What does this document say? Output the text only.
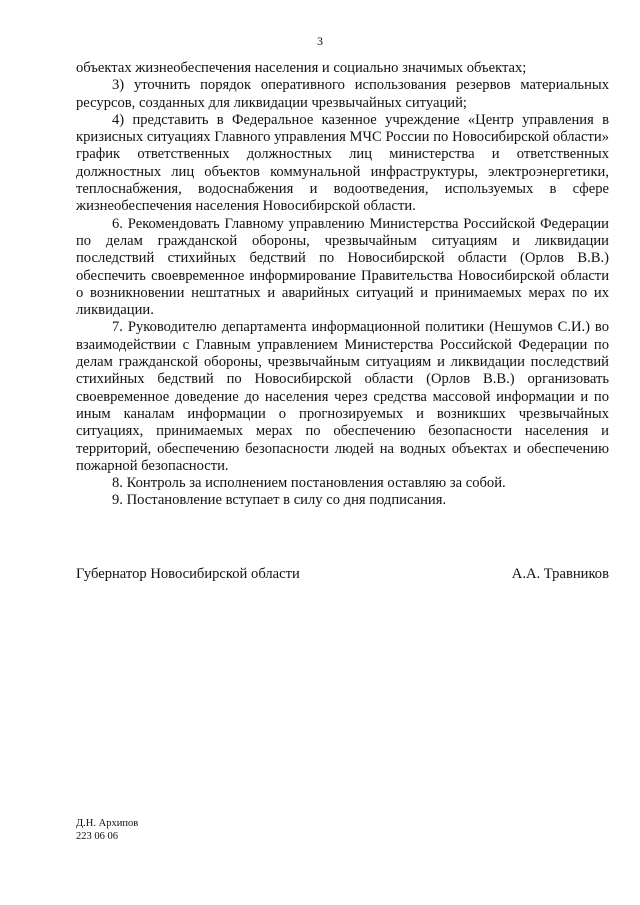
3

объектах жизнеобеспечения населения и социально значимых объектах;

3) уточнить порядок оперативного использования резервов материальных ресурсов, созданных для ликвидации чрезвычайных ситуаций;

4) представить в Федеральное казенное учреждение «Центр управления в кризисных ситуациях Главного управления МЧС России по Новосибирской области» график ответственных должностных лиц министерства и ответственных должностных лиц объектов коммунальной инфраструктуры, электроэнергетики, теплоснабжения, водоснабжения и водоотведения, используемых в сфере жизнеобеспечения населения Новосибирской области.

6. Рекомендовать Главному управлению Министерства Российской Федерации по делам гражданской обороны, чрезвычайным ситуациям и ликвидации последствий стихийных бедствий по Новосибирской области (Орлов В.В.) обеспечить своевременное информирование Правительства Новосибирской области о возникновении нештатных и аварийных ситуаций и принимаемых мерах по их ликвидации.

7. Руководителю департамента информационной политики (Нешумов С.И.) во взаимодействии с Главным управлением Министерства Российской Федерации по делам гражданской обороны, чрезвычайным ситуациям и ликвидации последствий стихийных бедствий по Новосибирской области (Орлов В.В.) организовать своевременное доведение до населения через средства массовой информации и по иным каналам информации о прогнозируемых и возникших чрезвычайных ситуациях, принимаемых мерах по обеспечению безопасности населения и территорий, обеспечению безопасности людей на водных объектах и обеспечению пожарной безопасности.

8. Контроль за исполнением постановления оставляю за собой.

9. Постановление вступает в силу со дня подписания.

Губернатор Новосибирской области	А.А. Травников
Д.Н. Архипов
223 06 06
